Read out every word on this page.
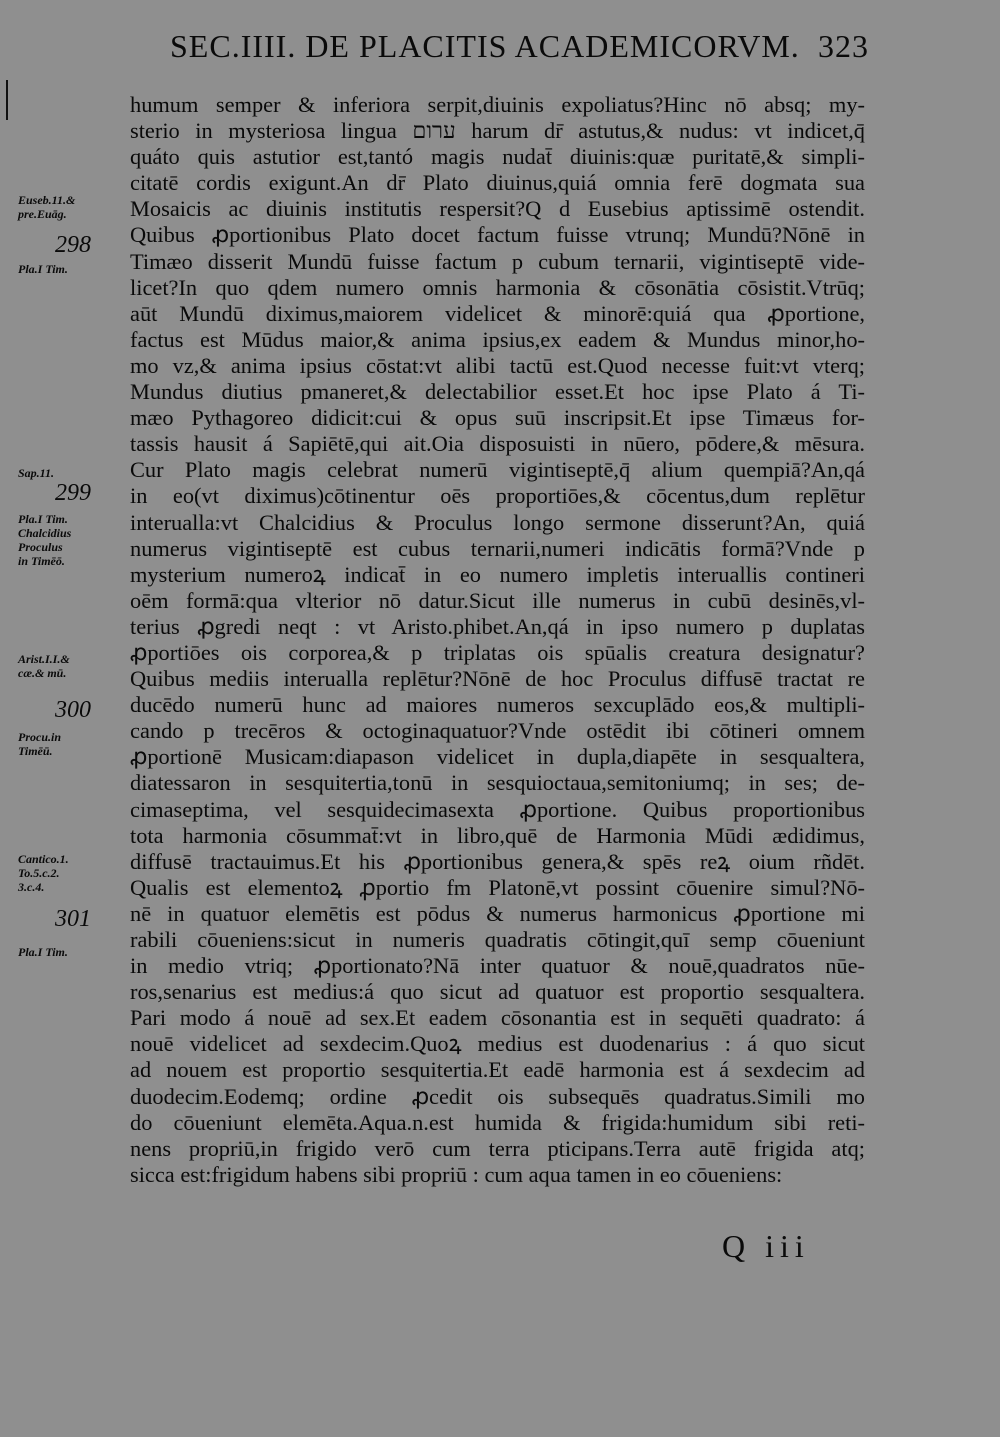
SEC.IIII. DE PLACITIS ACADEMICORVM. 323
298
299
300
301
Euseb.11.&
pre.Euāg.
Pla.I Tim.
Sap.11.
Pla.I Tim.
Chalcidius
Proculus
in Timēō.
Arist.I.I.&
cæ.& mū.
Procu.in
Timēū.
Cantico.1.
To.5.c.2.
3.c.4.
Pla.I Tim.
humum semper & inferiora serpit,diuinis expoliatus?Hinc nō absq; my-
sterio in mysteriosa lingua ערום harum dr̄ astutus,& nudus: vt indicet,q̄
quáto quis astutior est,tantó magis nudat̄ diuinis:quæ puritatē,& simpli-
citatē cordis exigunt.An dr̄ Plato diuinus,quiá omnia ferē dogmata sua
Mosaicis ac diuinis institutis respersit?Q d Eusebius aptissimē ostendit.
Quibus ꝓportionibus Plato docet factum fuisse vtrunq; Mundū?Nōnē in
Timæo disserit Mundū fuisse factum p cubum ternarii, vigintiseptē vide-
licet?In quo qdem numero omnis harmonia & cōsonātia cōsistit.Vtrūq;
aūt Mundū diximus,maiorem videlicet & minorē:quiá qua ꝓportione,
factus est Mūdus maior,& anima ipsius,ex eadem & Mundus minor,ho-
mo vz,& anima ipsius cōstat:vt alibi tactū est.Quod necesse fuit:vt vterq;
Mundus diutius pmaneret,& delectabilior esset.Et hoc ipse Plato á Ti-
mæo Pythagoreo didicit:cui & opus suū inscripsit.Et ipse Timæus for-
tassis hausit á Sapiētē,qui ait.Oia disposuisti in nūero, pōdere,& mēsura.
Cur Plato magis celebrat numerū vigintiseptē,q̄ alium quempiā?An,qá
in eo(vt diximus)cōtinentur oēs proportiōes,& cōcentus,dum replētur
interualla:vt Chalcidius & Proculus longo sermone disserunt?An, quiá
numerus vigintiseptē est cubus ternarii,numeri indicātis formā?Vnde p
mysterium numeroꝝ indicat̄ in eo numero impletis interuallis contineri
oēm formā:qua vlterior nō datur.Sicut ille numerus in cubū desinēs,vl-
terius ꝓgredi neqt : vt Aristo.phibet.An,qá in ipso numero p duplatas
ꝓportiōes ois corporea,& p triplatas ois spūalis creatura designatur?
Quibus mediis interualla replētur?Nōnē de hoc Proculus diffusē tractat re
ducēdo numerū hunc ad maiores numeros sexcuplādo eos,& multipli-
cando p trecēros & octoginaquatuor?Vnde ostēdit ibi cōtineri omnem
ꝓportionē Musicam:diapason videlicet in dupla,diapēte in sesqualtera,
diatessaron in sesquitertia,tonū in sesquioctaua,semitoniumq; in ses; de-
cimaseptima, vel sesquidecimasexta ꝓportione. Quibus proportionibus
tota harmonia cōsummat̄:vt in libro,quē de Harmonia Mūdi ædidimus,
diffusē tractauimus.Et his ꝓportionibus genera,& spēs reꝝ oium rñdēt.
Qualis est elementoꝝ ꝓportio fm Platonē,vt possint cōuenire simul?Nō-
nē in quatuor elemētis est pōdus & numerus harmonicus ꝓportione mi
rabili cōueniens:sicut in numeris quadratis cōtingit,quī semp cōueniunt
in medio vtriq; ꝓportionato?Nā inter quatuor & nouē,quadratos nūe-
ros,senarius est medius:á quo sicut ad quatuor est proportio sesqualtera.
Pari modo á nouē ad sex.Et eadem cōsonantia est in sequēti quadrato: á
nouē videlicet ad sexdecim.Quoꝝ medius est duodenarius : á quo sicut
ad nouem est proportio sesquitertia.Et eadē harmonia est á sexdecim ad
duodecim.Eodemq; ordine ꝓcedit ois subsequēs quadratus.Simili mo
do cōueniunt elemēta.Aqua.n.est humida & frigida:humidum sibi reti-
nens propriū,in frigido verō cum terra pticipans.Terra autē frigida atq;
sicca est:frigidum habens sibi propriū : cum aqua tamen in eo cōueniens:
Q iii
